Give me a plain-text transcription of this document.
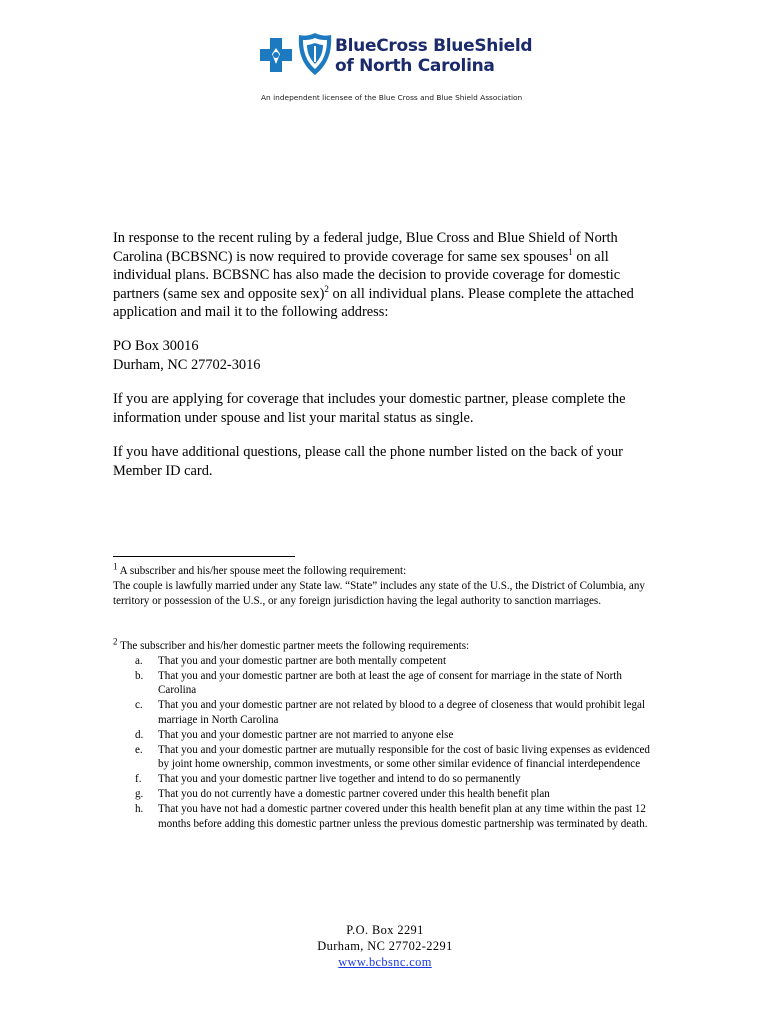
BlueCross BlueShield
of North Carolina
An independent licensee of the Blue Cross and Blue Shield Association

In response to the recent ruling by a federal judge, Blue Cross and Blue Shield of North Carolina (BCBSNC) is now required to provide coverage for same sex spouses$^1$ on all individual plans. BCBSNC has also made the decision to provide coverage for domestic partners (same sex and opposite sex)$^2$ on all individual plans. Please complete the attached application and mail it to the following address:

PO Box 30016

Durham, NC 27702-3016

If you are applying for coverage that includes your domestic partner, please complete the information under spouse and list your marital status as single.

If you have additional questions, please call the phone number listed on the back of your Member ID card.

$^1$ A subscriber and his/her spouse meet the following requirement:

The couple is lawfully married under any State law. “State” includes any state of the U.S., the District of Columbia, any territory or possession of the U.S., or any foreign jurisdiction having the legal authority to sanction marriages.

$^2$ The subscriber and his/her domestic partner meets the following requirements:

a. That you and your domestic partner are both mentally competent
b. That you and your domestic partner are both at least the age of consent for marriage in the state of North Carolina
c. That you and your domestic partner are not related by blood to a degree of closeness that would prohibit legal marriage in North Carolina
d. That you and your domestic partner are not married to anyone else
e. That you and your domestic partner are mutually responsible for the cost of basic living expenses as evidenced by joint home ownership, common investments, or some other similar evidence of financial interdependence
f. That you and your domestic partner live together and intend to do so permanently
g. That you do not currently have a domestic partner covered under this health benefit plan
h. That you have not had a domestic partner covered under this health benefit plan at any time within the past 12 months before adding this domestic partner unless the previous domestic partnership was terminated by death.
P.O. Box 2291
Durham, NC 27702-2291
www.bcbsnc.com
